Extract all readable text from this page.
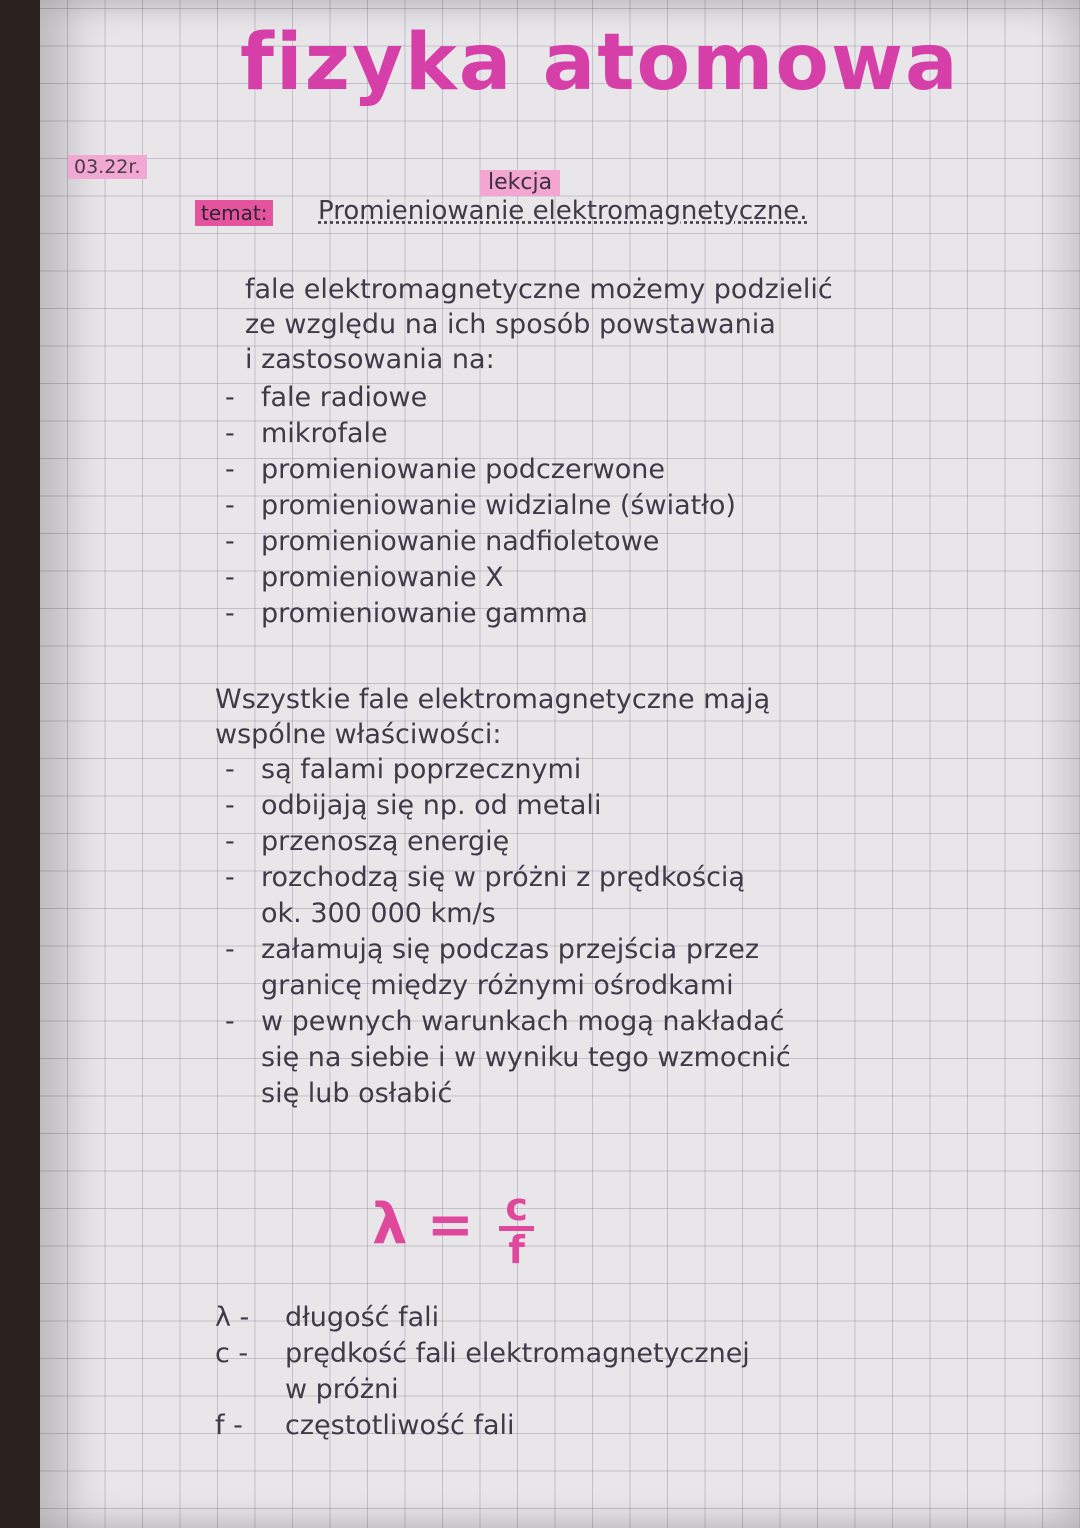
fizyka atomowa
03.22r.
lekcja
temat: Promieniowanie elektromagnetyczne.
fale elektromagnetyczne możemy podzielić
ze względu na ich sposób powstawania
i zastosowania na:
- fale radiowe
- mikrofale
- promieniowanie podczerwone
- promieniowanie widzialne (światło)
- promieniowanie nadfioletowe
- promieniowanie X
- promieniowanie gamma
Wszystkie fale elektromagnetyczne mają
wspólne właściwości:
- są falami poprzecznymi
- odbijają się np. od metali
- przenoszą energię
- rozchodzą się w próżni z prędkością
ok. 300 000 km/s
- załamują się podczas przejścia przez
granicę między różnymi ośrodkami
- w pewnych warunkach mogą nakładać
się na siebie i w wyniku tego wzmocnić
się lub osłabić
$\lambda = \frac{c}{f}$
λ - długość fali
c - prędkość fali elektromagnetycznej
w próżni
f - częstotliwość fali
